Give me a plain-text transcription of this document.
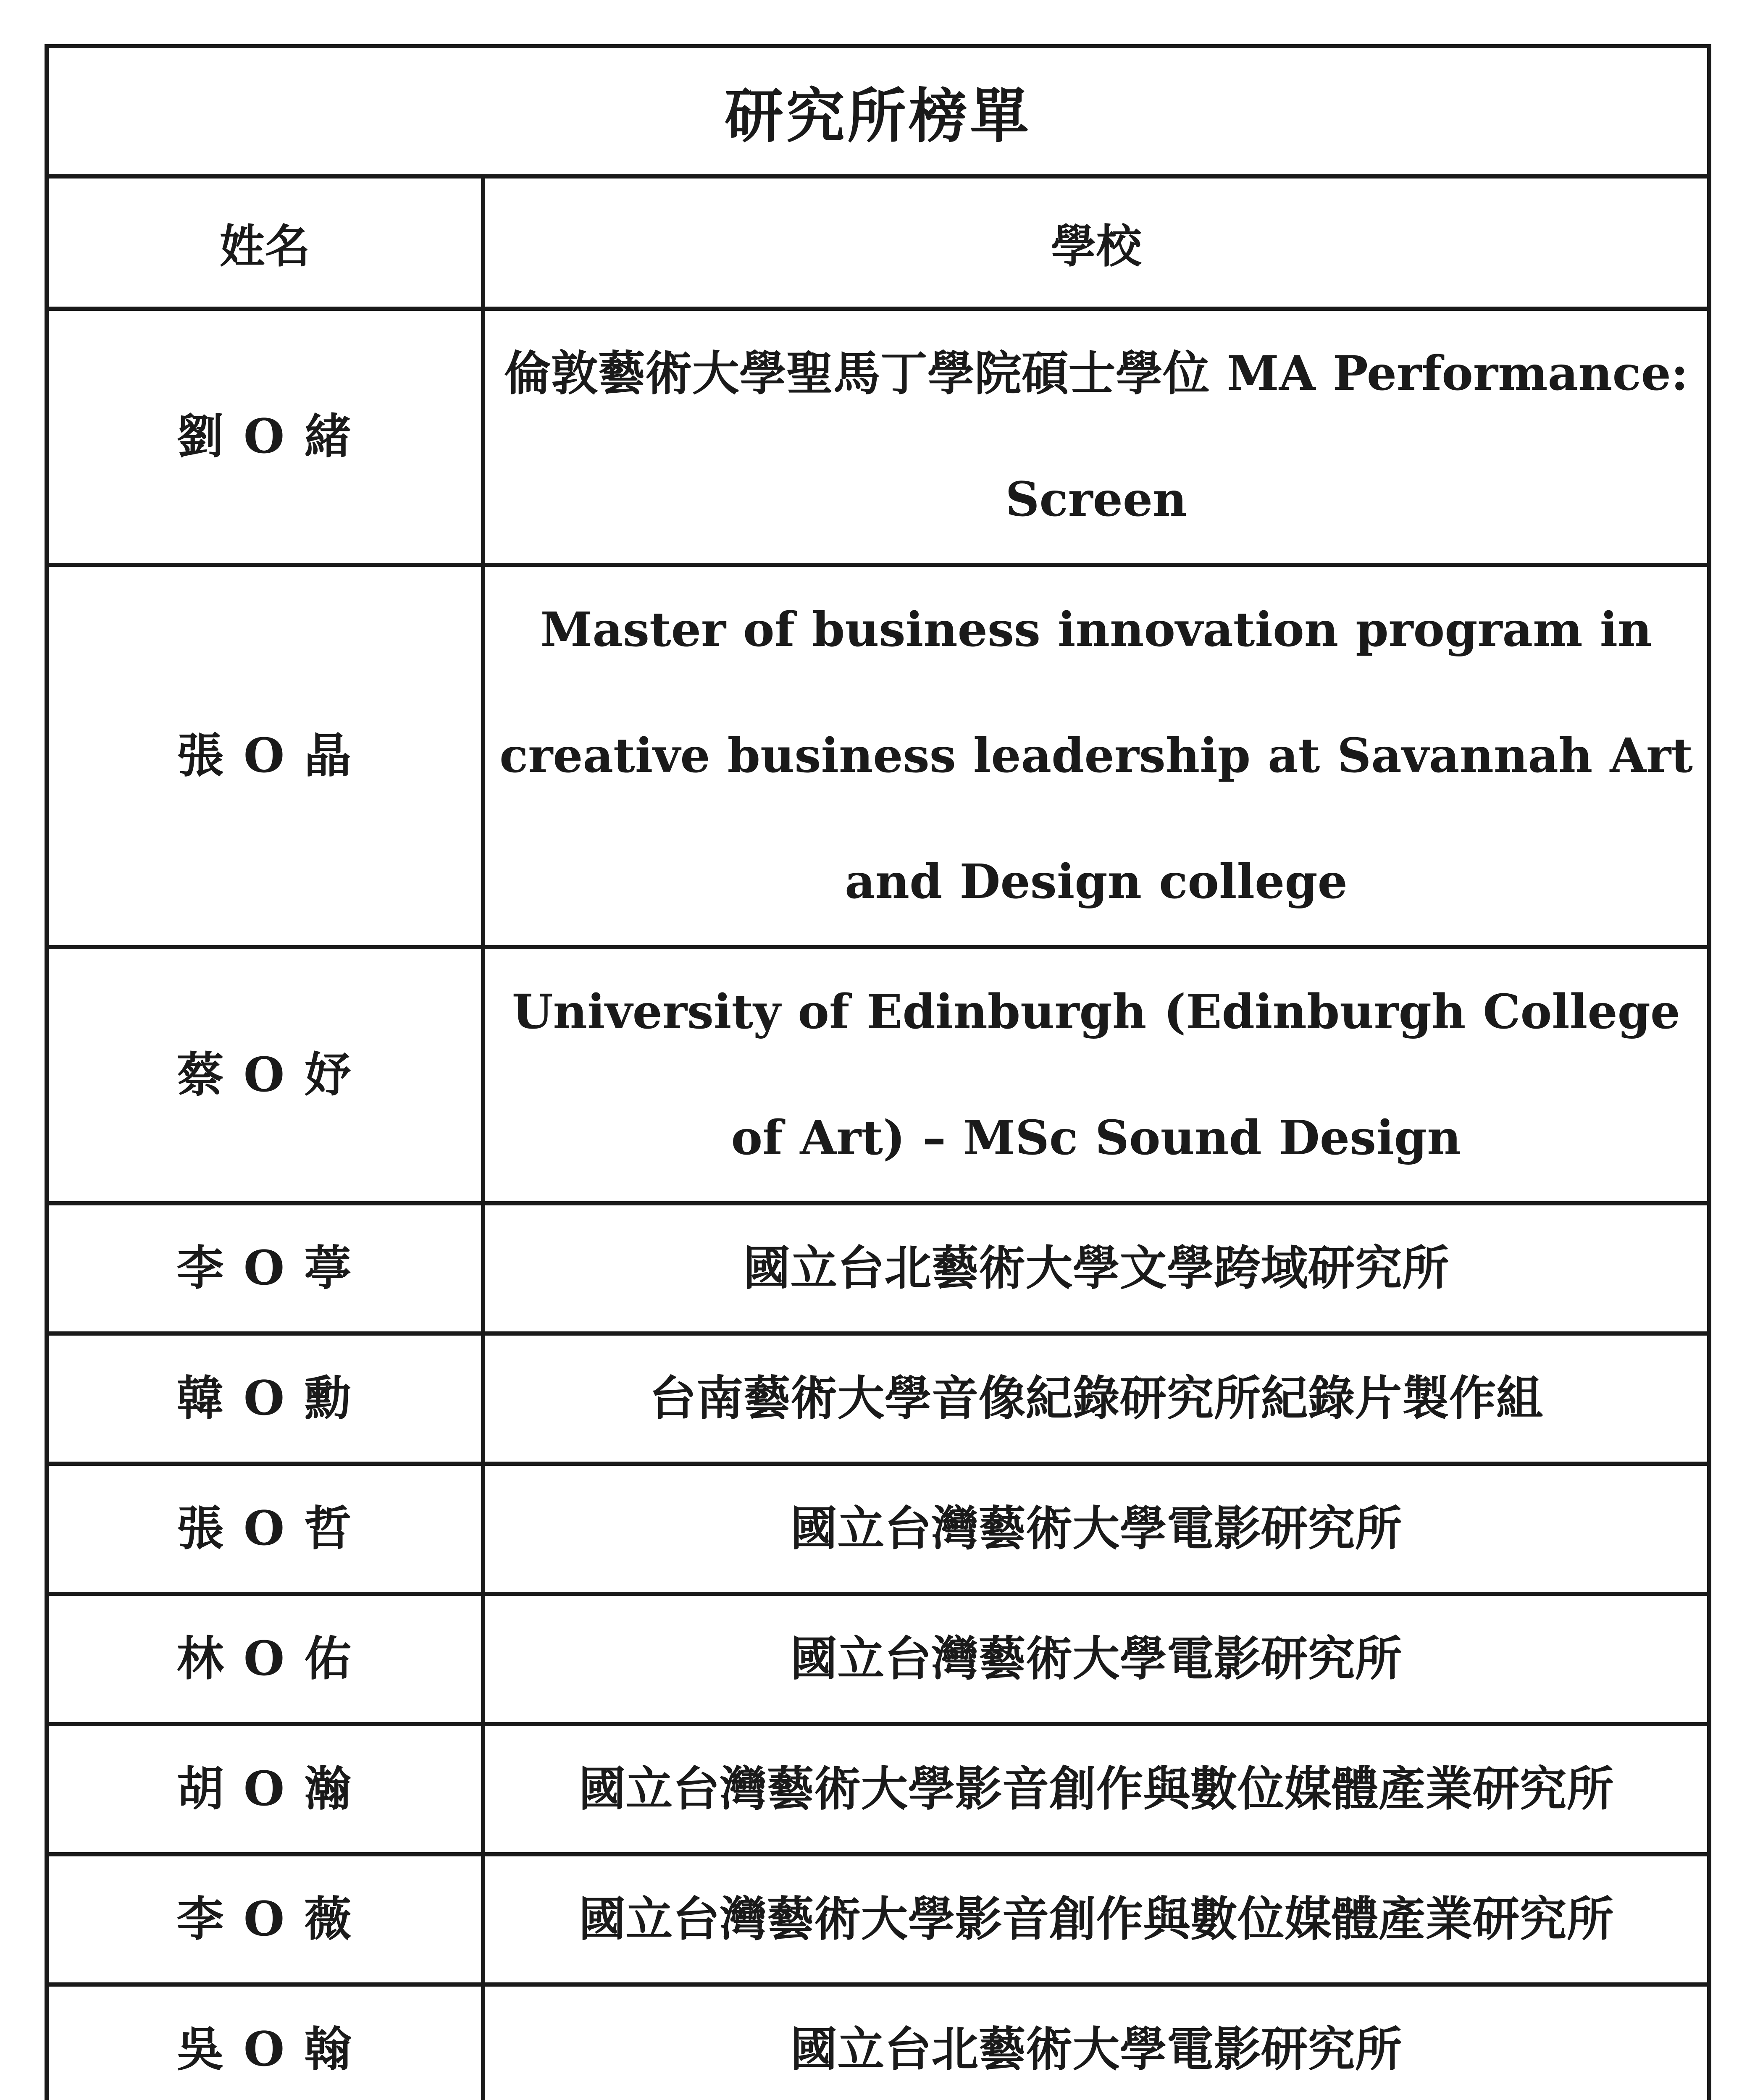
研究所榜單
姓名	學校
劉 O 緒	倫敦藝術大學聖馬丁學院碩士學位 MA Performance: Screen

張 O 晶	Master of business innovation program in creative business leadership at Savannah Art and Design college

蔡 O 妤	University of Edinburgh (Edinburgh College of Art) – MSc Sound Design

李 O 葶	國立台北藝術大學文學跨域研究所
韓 O 勳	台南藝術大學音像紀錄研究所紀錄片製作組
張 O 哲	國立台灣藝術大學電影研究所
林 O 佑	國立台灣藝術大學電影研究所
胡 O 瀚	國立台灣藝術大學影音創作與數位媒體產業研究所
李 O 薇	國立台灣藝術大學影音創作與數位媒體產業研究所
吳 O 翰	國立台北藝術大學電影研究所
